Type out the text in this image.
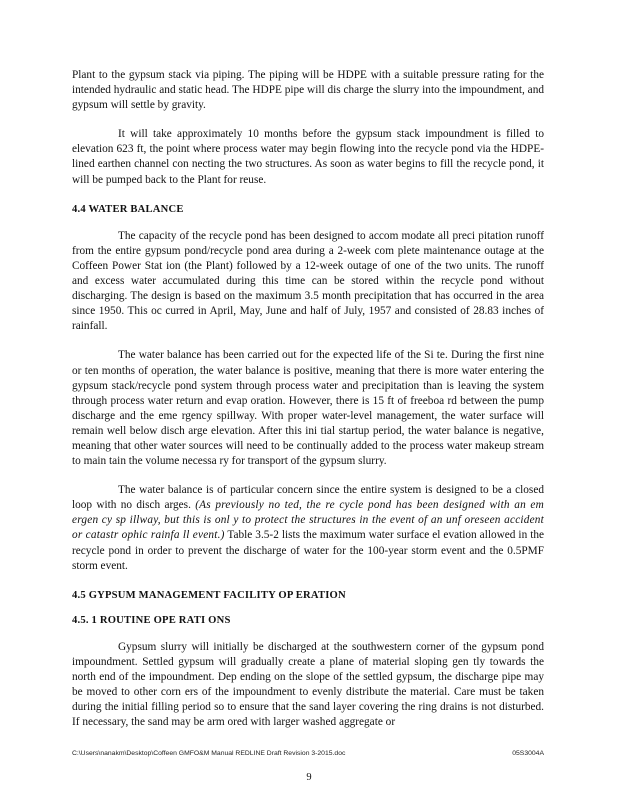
Plant to the gypsum stack via piping. The piping will be HDPE with a suitable pressure rating for the intended hydraulic and static head. The HDPE pipe will dis charge the slurry into the impoundment, and gypsum will settle by gravity.

It will take approximately 10 months before the gypsum stack impoundment is filled to elevation 623 ft, the point where process water may begin flowing into the recycle pond via the HDPE-lined earthen channel con necting the two structures. As soon as water begins to fill the recycle pond, it will be pumped back to the Plant for reuse.

4.4 WATER BALANCE

The capacity of the recycle pond has been designed to accom modate all preci pitation runoff from the entire gypsum pond/recycle pond area during a 2-week com plete maintenance outage at the Coffeen Power Stat ion (the Plant) followed by a 12-week outage of one of the two units. The runoff and excess water accumulated during this time can be stored within the recycle pond without discharging. The design is based on the maximum 3.5 month precipitation that has occurred in the area since 1950. This oc curred in April, May, June and half of July, 1957 and consisted of 28.83 inches of rainfall.

The water balance has been carried out for the expected life of the Si te. During the first nine or ten months of operation, the water balance is positive, meaning that there is more water entering the gypsum stack/recycle pond system through process water and precipitation than is leaving the system through process water return and evap oration. However, there is 15 ft of freeboa rd between the pump discharge and the eme rgency spillway. With proper water-level management, the water surface will remain well below disch arge elevation. After this ini tial startup period, the water balance is negative, meaning that other water sources will need to be continually added to the process water makeup stream to main tain the volume necessa ry for transport of the gypsum slurry.

The water balance is of particular concern since the entire system is designed to be a closed loop with no disch arges. (As previously no ted, the re cycle pond has been designed with an em ergen cy sp illway, but this is onl y to protect the structures in the event of an unf oreseen accident or catastr ophic rainfa ll event.) Table 3.5-2 lists the maximum water surface el evation allowed in the recycle pond in order to prevent the discharge of water for the 100-year storm event and the 0.5PMF storm event.

4.5 GYPSUM MANAGEMENT FACILITY OP ERATION
4.5. 1 ROUTINE OPE RATI ONS

Gypsum slurry will initially be discharged at the southwestern corner of the gypsum pond impoundment. Settled gypsum will gradually create a plane of material sloping gen tly towards the north end of the impoundment. Dep ending on the slope of the settled gypsum, the discharge pipe may be moved to other corn ers of the impoundment to evenly distribute the material. Care must be taken during the initial filling period so to ensure that the sand layer covering the ring drains is not disturbed. If necessary, the sand may be arm ored with larger washed aggregate or

C:\Users\nanakm\Desktop\Coffeen GMFO&M Manual REDLINE Draft Revision 3-2015.doc	05S3004A
9
